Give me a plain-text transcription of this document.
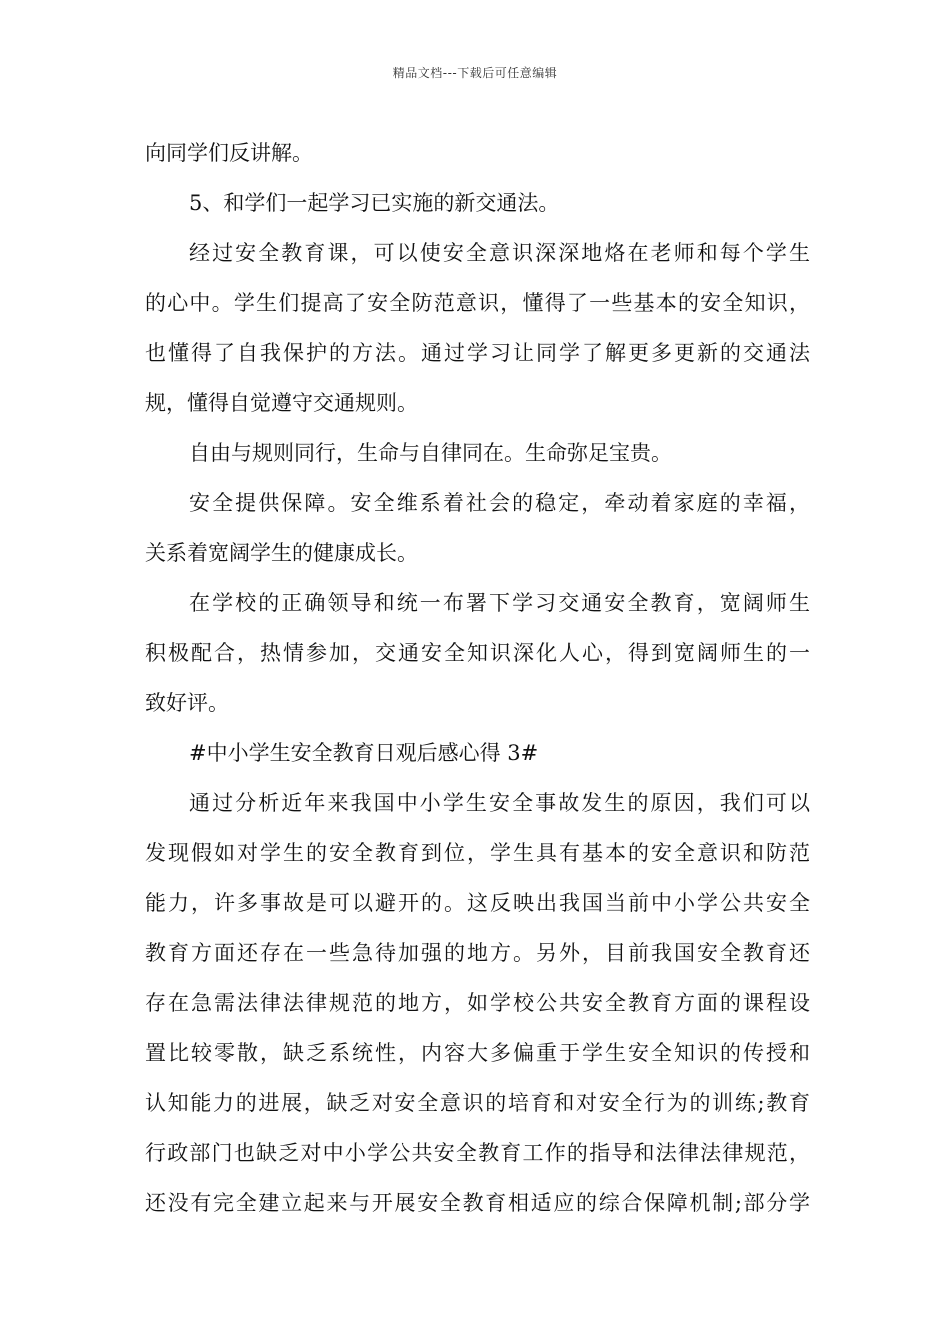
精品文档---下载后可任意编辑
向同学们反讲解。
5、和学们一起学习已实施的新交通法。
经过安全教育课，可以使安全意识深深地烙在老师和每个学生
的心中。学生们提高了安全防范意识，懂得了一些基本的安全知识，
也懂得了自我保护的方法。通过学习让同学了解更多更新的交通法
规，懂得自觉遵守交通规则。
自由与规则同行，生命与自律同在。生命弥足宝贵。
安全提供保障。安全维系着社会的稳定，牵动着家庭的幸福，
关系着宽阔学生的健康成长。
在学校的正确领导和统一布署下学习交通安全教育，宽阔师生
积极配合，热情参加，交通安全知识深化人心，得到宽阔师生的一
致好评。
#中小学生安全教育日观后感心得 3#
通过分析近年来我国中小学生安全事故发生的原因，我们可以
发现假如对学生的安全教育到位，学生具有基本的安全意识和防范
能力，许多事故是可以避开的。这反映出我国当前中小学公共安全
教育方面还存在一些急待加强的地方。另外，目前我国安全教育还
存在急需法律法律规范的地方，如学校公共安全教育方面的课程设
置比较零散，缺乏系统性，内容大多偏重于学生安全知识的传授和
认知能力的进展，缺乏对安全意识的培育和对安全行为的训练;教育
行政部门也缺乏对中小学公共安全教育工作的指导和法律法律规范，
还没有完全建立起来与开展安全教育相适应的综合保障机制;部分学
